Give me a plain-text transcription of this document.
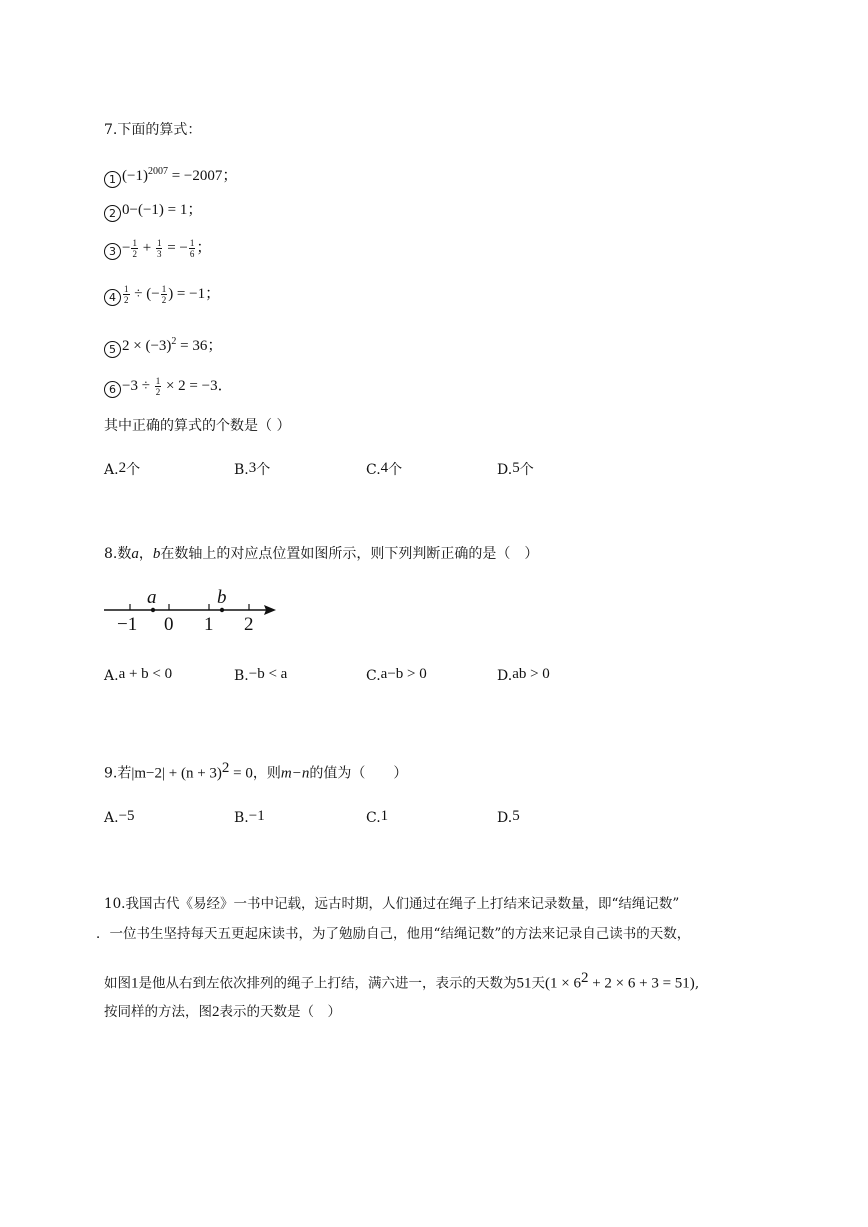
7.下面的算式：
1 $(-1)^{2007} = -2007$；
2 0−(−1) = 1；
$3 - \frac{1}{2} + \frac{1}{3}$ = − $\frac{1}{6}$ ；
$4 \frac{1}{2}$ ÷ (− $\frac{1}{2}$ ) = −1；
5 $2 \times (-3)^2 = 36$；
$6 -3 \div \frac{1}{2} \times 2 = -3$．
其中正确的算式的个数是（ ）
A.2个	B.3个	C.4个	D.5个
8.数a，b在数轴上的对应点位置如图所示，则下列判断正确的是（　）
a	b
−1 0 1 2
A.a + b < 0	B.−b < a	C.a−b > 0	D.ab > 0
9.若$|m-2| + (n + 3)^2 = 0$，则m−n的值为（　　）
A.−5	B.−1	C.1	D.5
10.我国古代《易经》一书中记载，远古时期，人们通过在绳子上打结来记录数量，即“结绳记数”
．一位书生坚持每天五更起床读书，为了勉励自己，他用“结绳记数”的方法来记录自己读书的天数，
如图1是他从右到左依次排列的绳子上打结，满六进一，表示的天数为51天$(1 \times 6^2 + 2 \times 6 + 3 = 51)$,
按同样的方法，图2表示的天数是（　）
